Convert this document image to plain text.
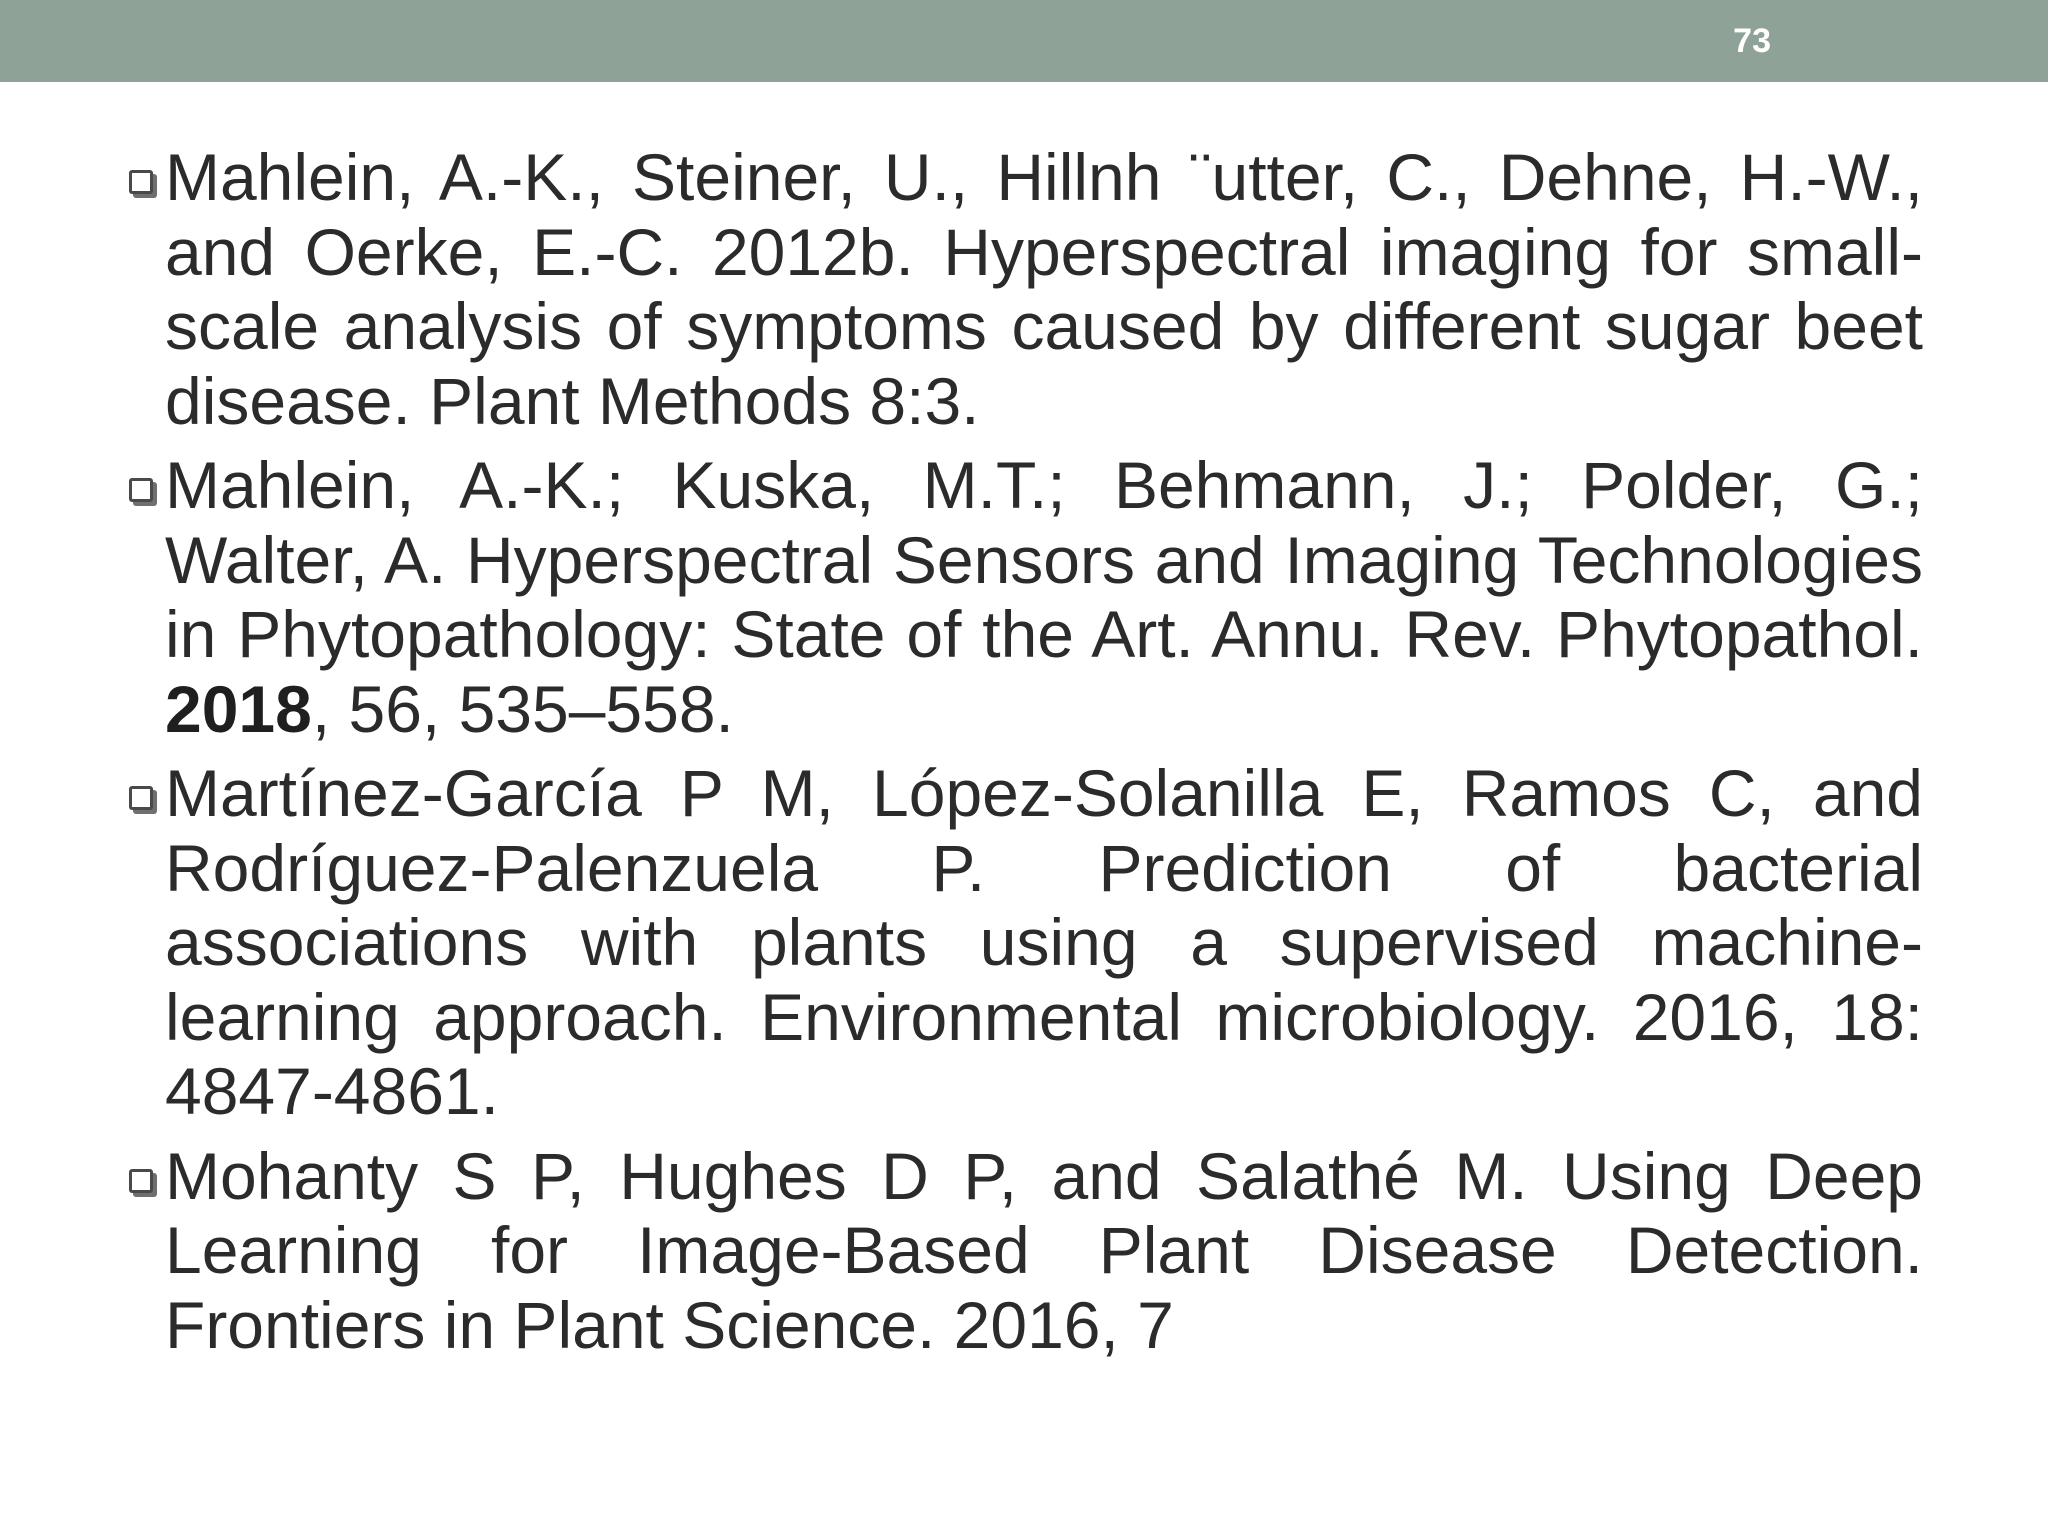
73
Mahlein, A.-K., Steiner, U., Hillnh ¨utter, C., Dehne, H.-W., and Oerke, E.-C. 2012b. Hyperspectral imaging for small-scale analysis of symptoms caused by different sugar beet disease. Plant Methods 8:3.
Mahlein, A.-K.; Kuska, M.T.; Behmann, J.; Polder, G.; Walter, A. Hyperspectral Sensors and Imaging Technologies in Phytopathology: State of the Art. Annu. Rev. Phytopathol. 2018, 56, 535–558.
Martínez-García P M, López-Solanilla E, Ramos C, and Rodríguez-Palenzuela P. Prediction of bacterial associations with plants using a supervised machine-learning approach. Environmental microbiology. 2016, 18: 4847-4861.
Mohanty S P, Hughes D P, and Salathé M. Using Deep Learning for Image-Based Plant Disease Detection. Frontiers in Plant Science. 2016, 7
